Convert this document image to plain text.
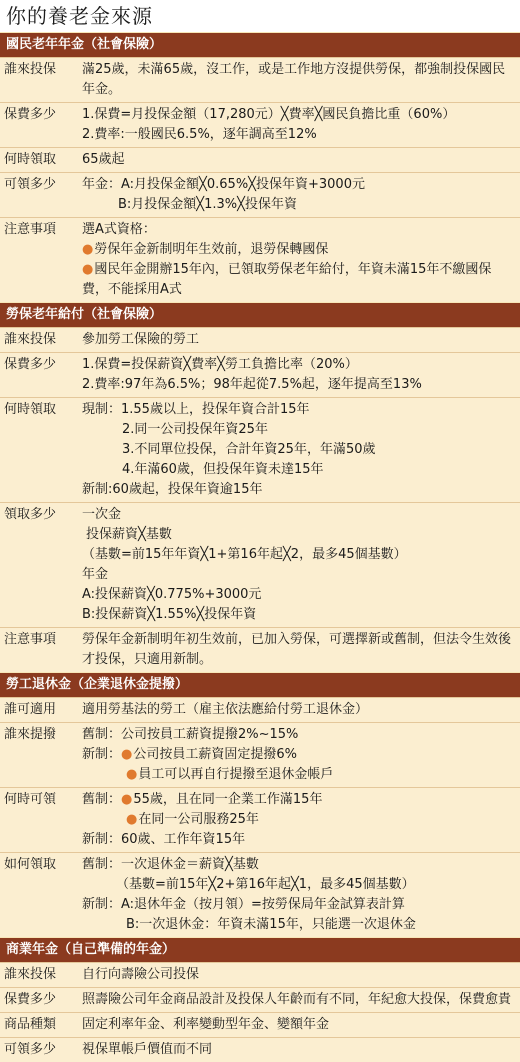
你的養老金來源
國民老年年金（社會保險）
誰來投保	滿25歲，未滿65歲，沒工作，或是工作地方沒提供勞保，都強制投保國民年金。
保費多少	1.保費=月投保金額（17,280元）╳費率╳國民負擔比重（60%）
2.費率:一般國民6.5%，逐年調高至12%
何時領取	65歲起
可領多少	年金：A:月投保金額╳0.65%╳投保年資+3000元
B:月投保金額╳1.3%╳投保年資
注意事項	選A式資格：
● 勞保年金新制明年生效前，退勞保轉國保
● 國民年金開辦15年內，已領取勞保老年給付，年資未滿15年不繳國保費，不能採用A式
勞保老年給付（社會保險）
誰來投保	參加勞工保險的勞工
保費多少	1.保費=投保薪資╳費率╳勞工負擔比率（20%）
2.費率:97年為6.5%；98年起從7.5%起，逐年提高至13%
何時領取	現制：1.55歲以上，投保年資合計15年
2.同一公司投保年資25年
3.不同單位投保，合計年資25年，年滿50歲
4.年滿60歲，但投保年資未達15年
新制:60歲起，投保年資逾15年
領取多少	一次金
投保薪資╳基數
（基數=前15年年資╳1+第16年起╳2，最多45個基數）
年金
A:投保薪資╳0.775%+3000元
B:投保薪資╳1.55%╳投保年資
注意事項	勞保年金新制明年初生效前，已加入勞保，可選擇新或舊制，但法令生效後才投保，只適用新制。
勞工退休金（企業退休金提撥）
誰可適用	適用勞基法的勞工（雇主依法應給付勞工退休金）
誰來提撥	舊制：公司按員工薪資提撥2%~15%
新制： ● 公司按員工薪資固定提撥6%
● 員工可以再自行提撥至退休金帳戶
何時可領	舊制： ● 55歲，且在同一企業工作滿15年
● 在同一公司服務25年
新制：60歲、工作年資15年
如何領取	舊制：一次退休金＝薪資╳基數
（基數=前15年╳2+第16年起╳1，最多45個基數）
新制：A:退休年金（按月領）=按勞保局年金試算表計算
B:一次退休金：年資未滿15年，只能選一次退休金
商業年金（自己準備的年金）
誰來投保	自行向壽險公司投保
保費多少	照壽險公司年金商品設計及投保人年齡而有不同，年紀愈大投保，保費愈貴
商品種類	固定利率年金、利率變動型年金、變額年金
可領多少	視保單帳戶價值而不同
